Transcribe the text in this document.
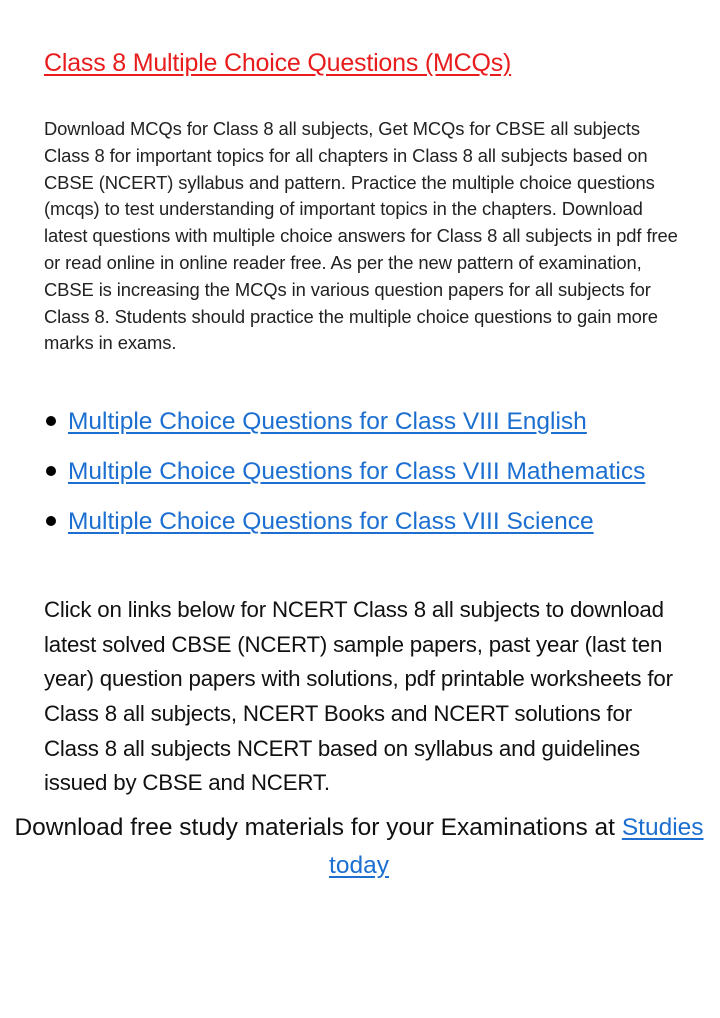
Class 8 Multiple Choice Questions (MCQs)

Download MCQs for Class 8 all subjects, Get MCQs for CBSE all subjects Class 8 for important topics for all chapters in Class 8 all subjects based on CBSE (NCERT) syllabus and pattern. Practice the multiple choice questions (mcqs) to test understanding of important topics in the chapters. Download latest questions with multiple choice answers for Class 8 all subjects in pdf free or read online in online reader free. As per the new pattern of examination, CBSE is increasing the MCQs in various question papers for all subjects for Class 8. Students should practice the multiple choice questions to gain more marks in exams.

Multiple Choice Questions for Class VIII English
Multiple Choice Questions for Class VIII Mathematics
Multiple Choice Questions for Class VIII Science

Click on links below for NCERT Class 8 all subjects to download latest solved CBSE (NCERT) sample papers, past year (last ten year) question papers with solutions, pdf printable worksheets for Class 8 all subjects, NCERT Books and NCERT solutions for Class 8 all subjects NCERT based on syllabus and guidelines issued by CBSE and NCERT.

Download free study materials for your Examinations at Studies today
